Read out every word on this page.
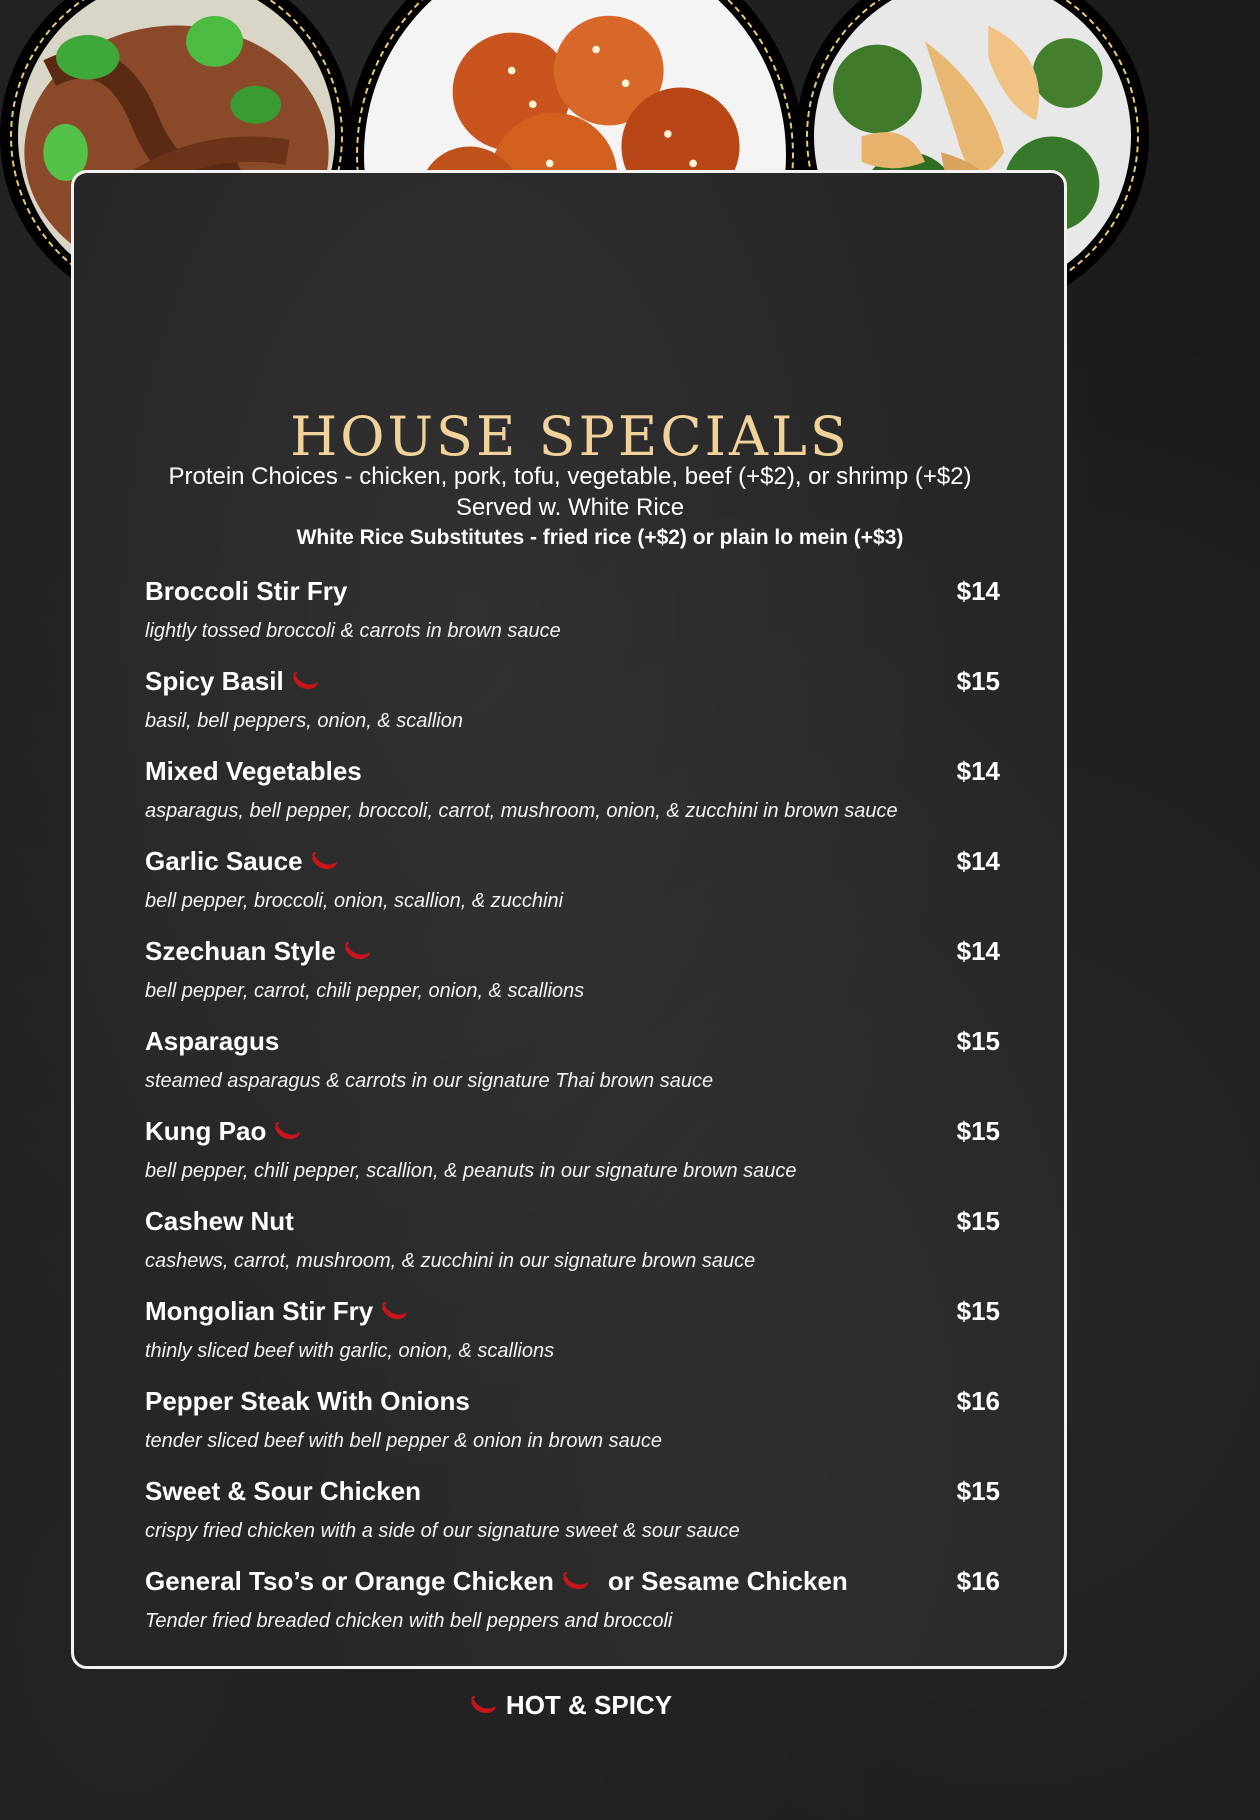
HOUSE SPECIALS

Protein Choices - chicken, pork, tofu, vegetable, beef (+$2), or shrimp (+$2)

Served w. White Rice

White Rice Substitutes - fried rice (+$2) or plain lo mein (+$3)

Broccoli Stir Fry	$14
lightly tossed broccoli & carrots in brown sauce
Spicy Basil	$15
basil, bell peppers, onion, & scallion
Mixed Vegetables	$14
asparagus, bell pepper, broccoli, carrot, mushroom, onion, & zucchini in brown sauce
Garlic Sauce	$14
bell pepper, broccoli, onion, scallion, & zucchini
Szechuan Style	$14
bell pepper, carrot, chili pepper, onion, & scallions
Asparagus	$15
steamed asparagus & carrots in our signature Thai brown sauce
Kung Pao	$15
bell pepper, chili pepper, scallion, & peanuts in our signature brown sauce
Cashew Nut	$15
cashews, carrot, mushroom, & zucchini in our signature brown sauce
Mongolian Stir Fry	$15
thinly sliced beef with garlic, onion, & scallions
Pepper Steak With Onions	$16
tender sliced beef with bell pepper & onion in brown sauce
Sweet & Sour Chicken	$15
crispy fried chicken with a side of our signature sweet & sour sauce
General Tso’s or Orange Chicken or Sesame Chicken	$16
Tender fried breaded chicken with bell peppers and broccoli
HOT & SPICY
